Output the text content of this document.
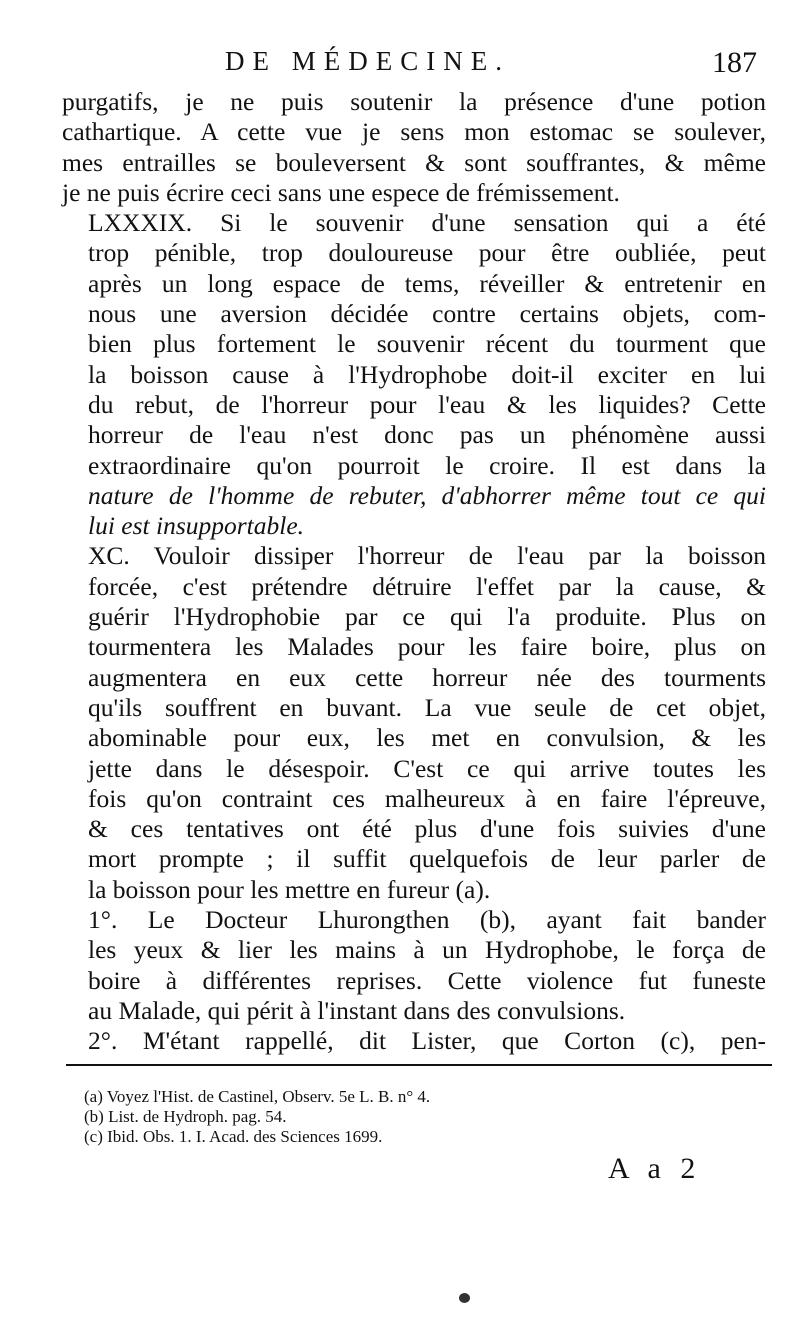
DE MÉDECINE.	187

purgatifs, je ne puis soutenir la présence d'une potion
cathartique. A cette vue je sens mon estomac se soulever,
mes entrailles se bouleversent & sont souffrantes, & même
je ne puis écrire ceci sans une espece de frémissement.

LXXXIX. Si le souvenir d'une sensation qui a été
trop pénible, trop douloureuse pour être oubliée, peut
après un long espace de tems, réveiller & entretenir en
nous une aversion décidée contre certains objets, com-
bien plus fortement le souvenir récent du tourment que
la boisson cause à l'Hydrophobe doit-il exciter en lui
du rebut, de l'horreur pour l'eau & les liquides? Cette
horreur de l'eau n'est donc pas un phénomène aussi
extraordinaire qu'on pourroit le croire. Il est dans la
nature de l'homme de rebuter, d'abhorrer même tout ce qui
lui est insupportable.

XC. Vouloir dissiper l'horreur de l'eau par la boisson
forcée, c'est prétendre détruire l'effet par la cause, &
guérir l'Hydrophobie par ce qui l'a produite. Plus on
tourmentera les Malades pour les faire boire, plus on
augmentera en eux cette horreur née des tourments
qu'ils souffrent en buvant. La vue seule de cet objet,
abominable pour eux, les met en convulsion, & les
jette dans le désespoir. C'est ce qui arrive toutes les
fois qu'on contraint ces malheureux à en faire l'épreuve,
& ces tentatives ont été plus d'une fois suivies d'une
mort prompte ; il suffit quelquefois de leur parler de
la boisson pour les mettre en fureur (a).

1°. Le Docteur Lhurongthen (b), ayant fait bander
les yeux & lier les mains à un Hydrophobe, le força de
boire à différentes reprises. Cette violence fut funeste
au Malade, qui périt à l'instant dans des convulsions.

2°. M'étant rappellé, dit Lister, que Corton (c), pen-

(a) Voyez l'Hist. de Castinel, Observ. 5e L. B. n° 4.
(b) List. de Hydroph. pag. 54.
(c) Ibid. Obs. 1. I. Acad. des Sciences 1699.
A a 2
